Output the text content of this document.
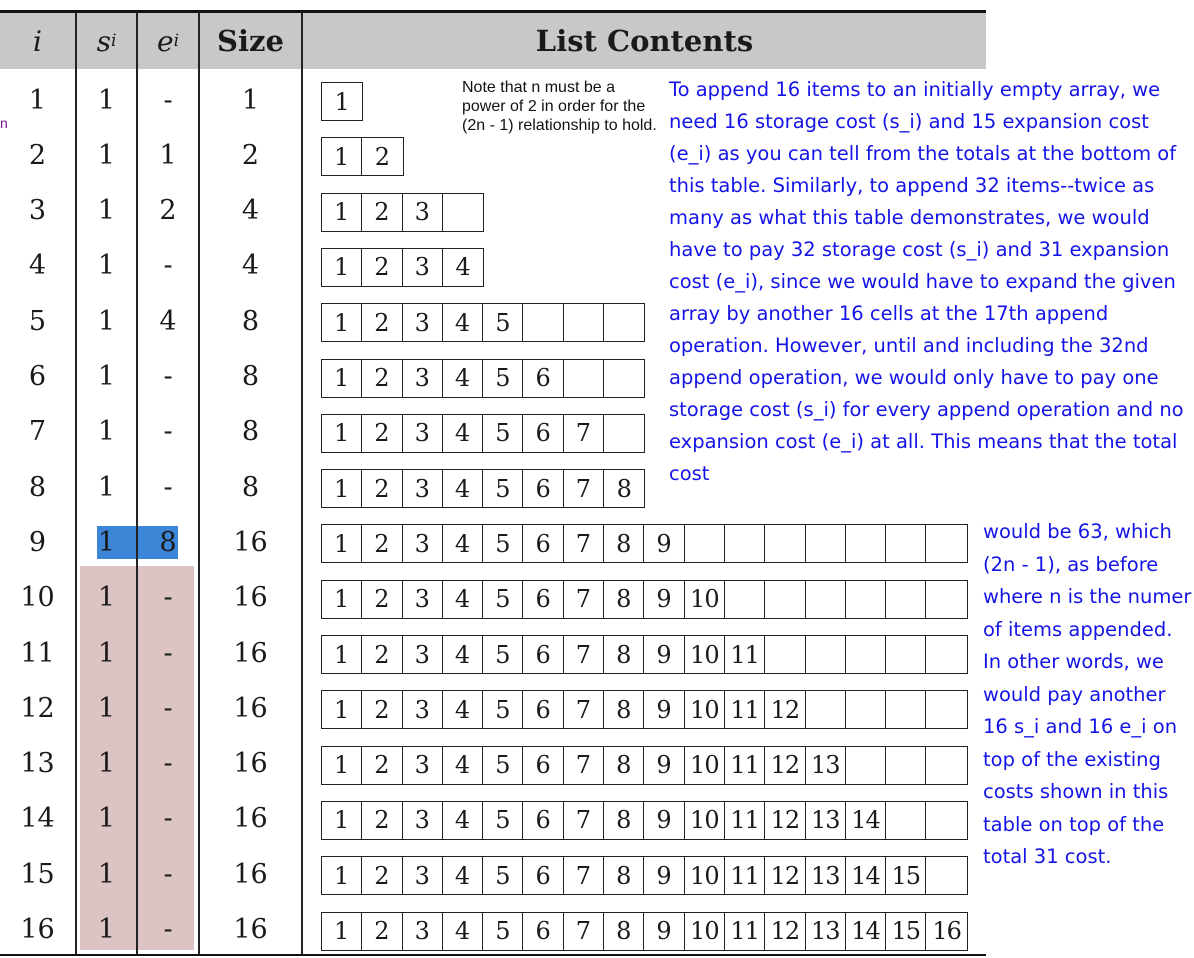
i	s i e i	Size	List Contents
1	1	-	1	1
2	1	1	2	1	2
3	1	2	4	1	2	3
4	1	-	4	1	2	3	4
5	1	4	8	1	2	3	4	5
6	1	-	8	1	2	3	4	5	6
7	1	-	8	1	2	3	4	5	6	7
8	1	-	8	1	2	3	4	5	6	7	8
9	1	8	16	1	2	3	4	5	6	7	8	9
10	1	-	16	1	2	3	4	5	6	7	8	9 10
11	1	-	16	1	2	3	4	5	6	7	8	9 10 11
12	1	-	16	1	2	3	4	5	6	7	8	9 10 11 12
13	1	-	16	1	2	3	4	5	6	7	8	9 10 11 12 13
14	1	-	16	1	2	3	4	5	6	7	8	9 10 11 12 13 14
15	1	-	16	1	2	3	4	5	6	7	8	9 10 11 12 13 14 15
16	1	-	16	1	2	3	4	5	6	7	8	9 10 11 12 13 14 15 16
n
Note that n must be a power of 2 in order for the (2n - 1) relationship to hold.
To append 16 items to an initially empty array, we need 16 storage cost (s_i) and 15 expansion cost (e_i) as you can tell from the totals at the bottom of this table. Similarly, to append 32 items--twice as many as what this table demonstrates, we would have to pay 32 storage cost (s_i) and 31 expansion cost (e_i), since we would have to expand the given array by another 16 cells at the 17th append operation. However, until and including the 32nd append operation, we would only have to pay one storage cost (s_i) for every append operation and no expansion cost (e_i) at all. This means that the total cost
would be 63, which (2n - 1), as before where n is the numer of items appended. In other words, we would pay another 16 s_i and 16 e_i on top of the existing costs shown in this table on top of the total 31 cost.
